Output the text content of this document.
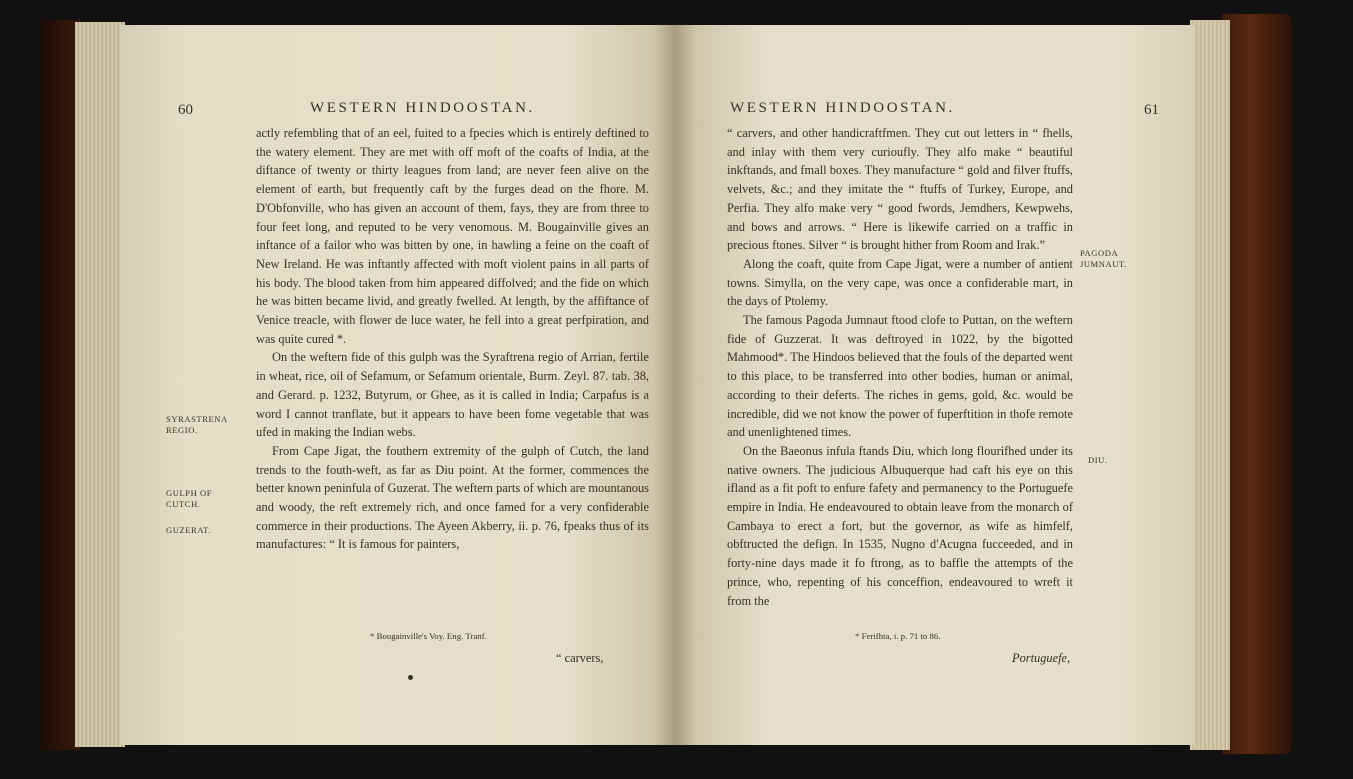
60	WESTERN HINDOOSTAN.

actly refembling that of an eel, fuited to a fpecies which is entirely deftined to the watery element. They are met with off moft of the coafts of India, at the diftance of twenty or thirty leagues from land; are never feen alive on the element of earth, but frequently caft by the furges dead on the fhore. M. D'Obfonville, who has given an account of them, fays, they are from three to four feet long, and reputed to be very venomous. M. Bougainville gives an inftance of a failor who was bitten by one, in hawling a feine on the coaft of New Ireland. He was inftantly affected with moft violent pains in all parts of his body. The blood taken from him appeared diffolved; and the fide on which he was bitten became livid, and greatly fwelled. At length, by the affiftance of Venice treacle, with flower de luce water, he fell into a great perfpiration, and was quite cured *.

On the weftern fide of this gulph was the Syraftrena regio of Arrian, fertile in wheat, rice, oil of Sefamum, or Sefamum orientale, Burm. Zeyl. 87. tab. 38, and Gerard. p. 1232, Butyrum, or Ghee, as it is called in India; Carpafus is a word I cannot tranflate, but it appears to have been fome vegetable that was ufed in making the Indian webs.

From Cape Jigat, the fouthern extremity of the gulph of Cutch, the land trends to the fouth-weft, as far as Diu point. At the former, commences the better known peninfula of Guzerat. The weftern parts of which are mountanous and woody, the reft extremely rich, and once famed for a very confiderable commerce in their productions. The Ayeen Akberry, ii. p. 76, fpeaks thus of its manufactures: “ It is famous for painters,

SYRASTRENA REGIO.
GULPH OF CUTCH.
GUZERAT.
* Bougainville's Voy. Eng. Tranf.
“ carvers,
WESTERN HINDOOSTAN.	61

“ carvers, and other handicraftfmen. They cut out letters in “ fhells, and inlay with them very curioufly. They alfo make “ beautiful inkftands, and fmall boxes. They manufacture “ gold and filver ftuffs, velvets, &c.; and they imitate the “ ftuffs of Turkey, Europe, and Perfia. They alfo make very “ good fwords, Jemdhers, Kewpwehs, and bows and arrows. “ Here is likewife carried on a traffic in precious ftones. Silver “ is brought hither from Room and Irak.”

Along the coaft, quite from Cape Jigat, were a number of antient towns. Simylla, on the very cape, was once a confiderable mart, in the days of Ptolemy.

The famous Pagoda Jumnaut ftood clofe to Puttan, on the weftern fide of Guzzerat. It was deftroyed in 1022, by the bigotted Mahmood*. The Hindoos believed that the fouls of the departed went to this place, to be transferred into other bodies, human or animal, according to their deferts. The riches in gems, gold, &c. would be incredible, did we not know the power of fuperftition in thofe remote and unenlightened times.

On the Baeonus infula ftands Diu, which long flourifhed under its native owners. The judicious Albuquerque had caft his eye on this ifland as a fit poft to enfure fafety and permanency to the Portuguefe empire in India. He endeavoured to obtain leave from the monarch of Cambaya to erect a fort, but the governor, as wife as himfelf, obftructed the defign. In 1535, Nugno d'Acugna fucceeded, and in forty-nine days made it fo ftrong, as to baffle the attempts of the prince, who, repenting of his conceffion, endeavoured to wreft it from the

PAGODA JUMNAUT.
DIU.
* Ferifhta, i. p. 71 to 86.
Portuguefe,
